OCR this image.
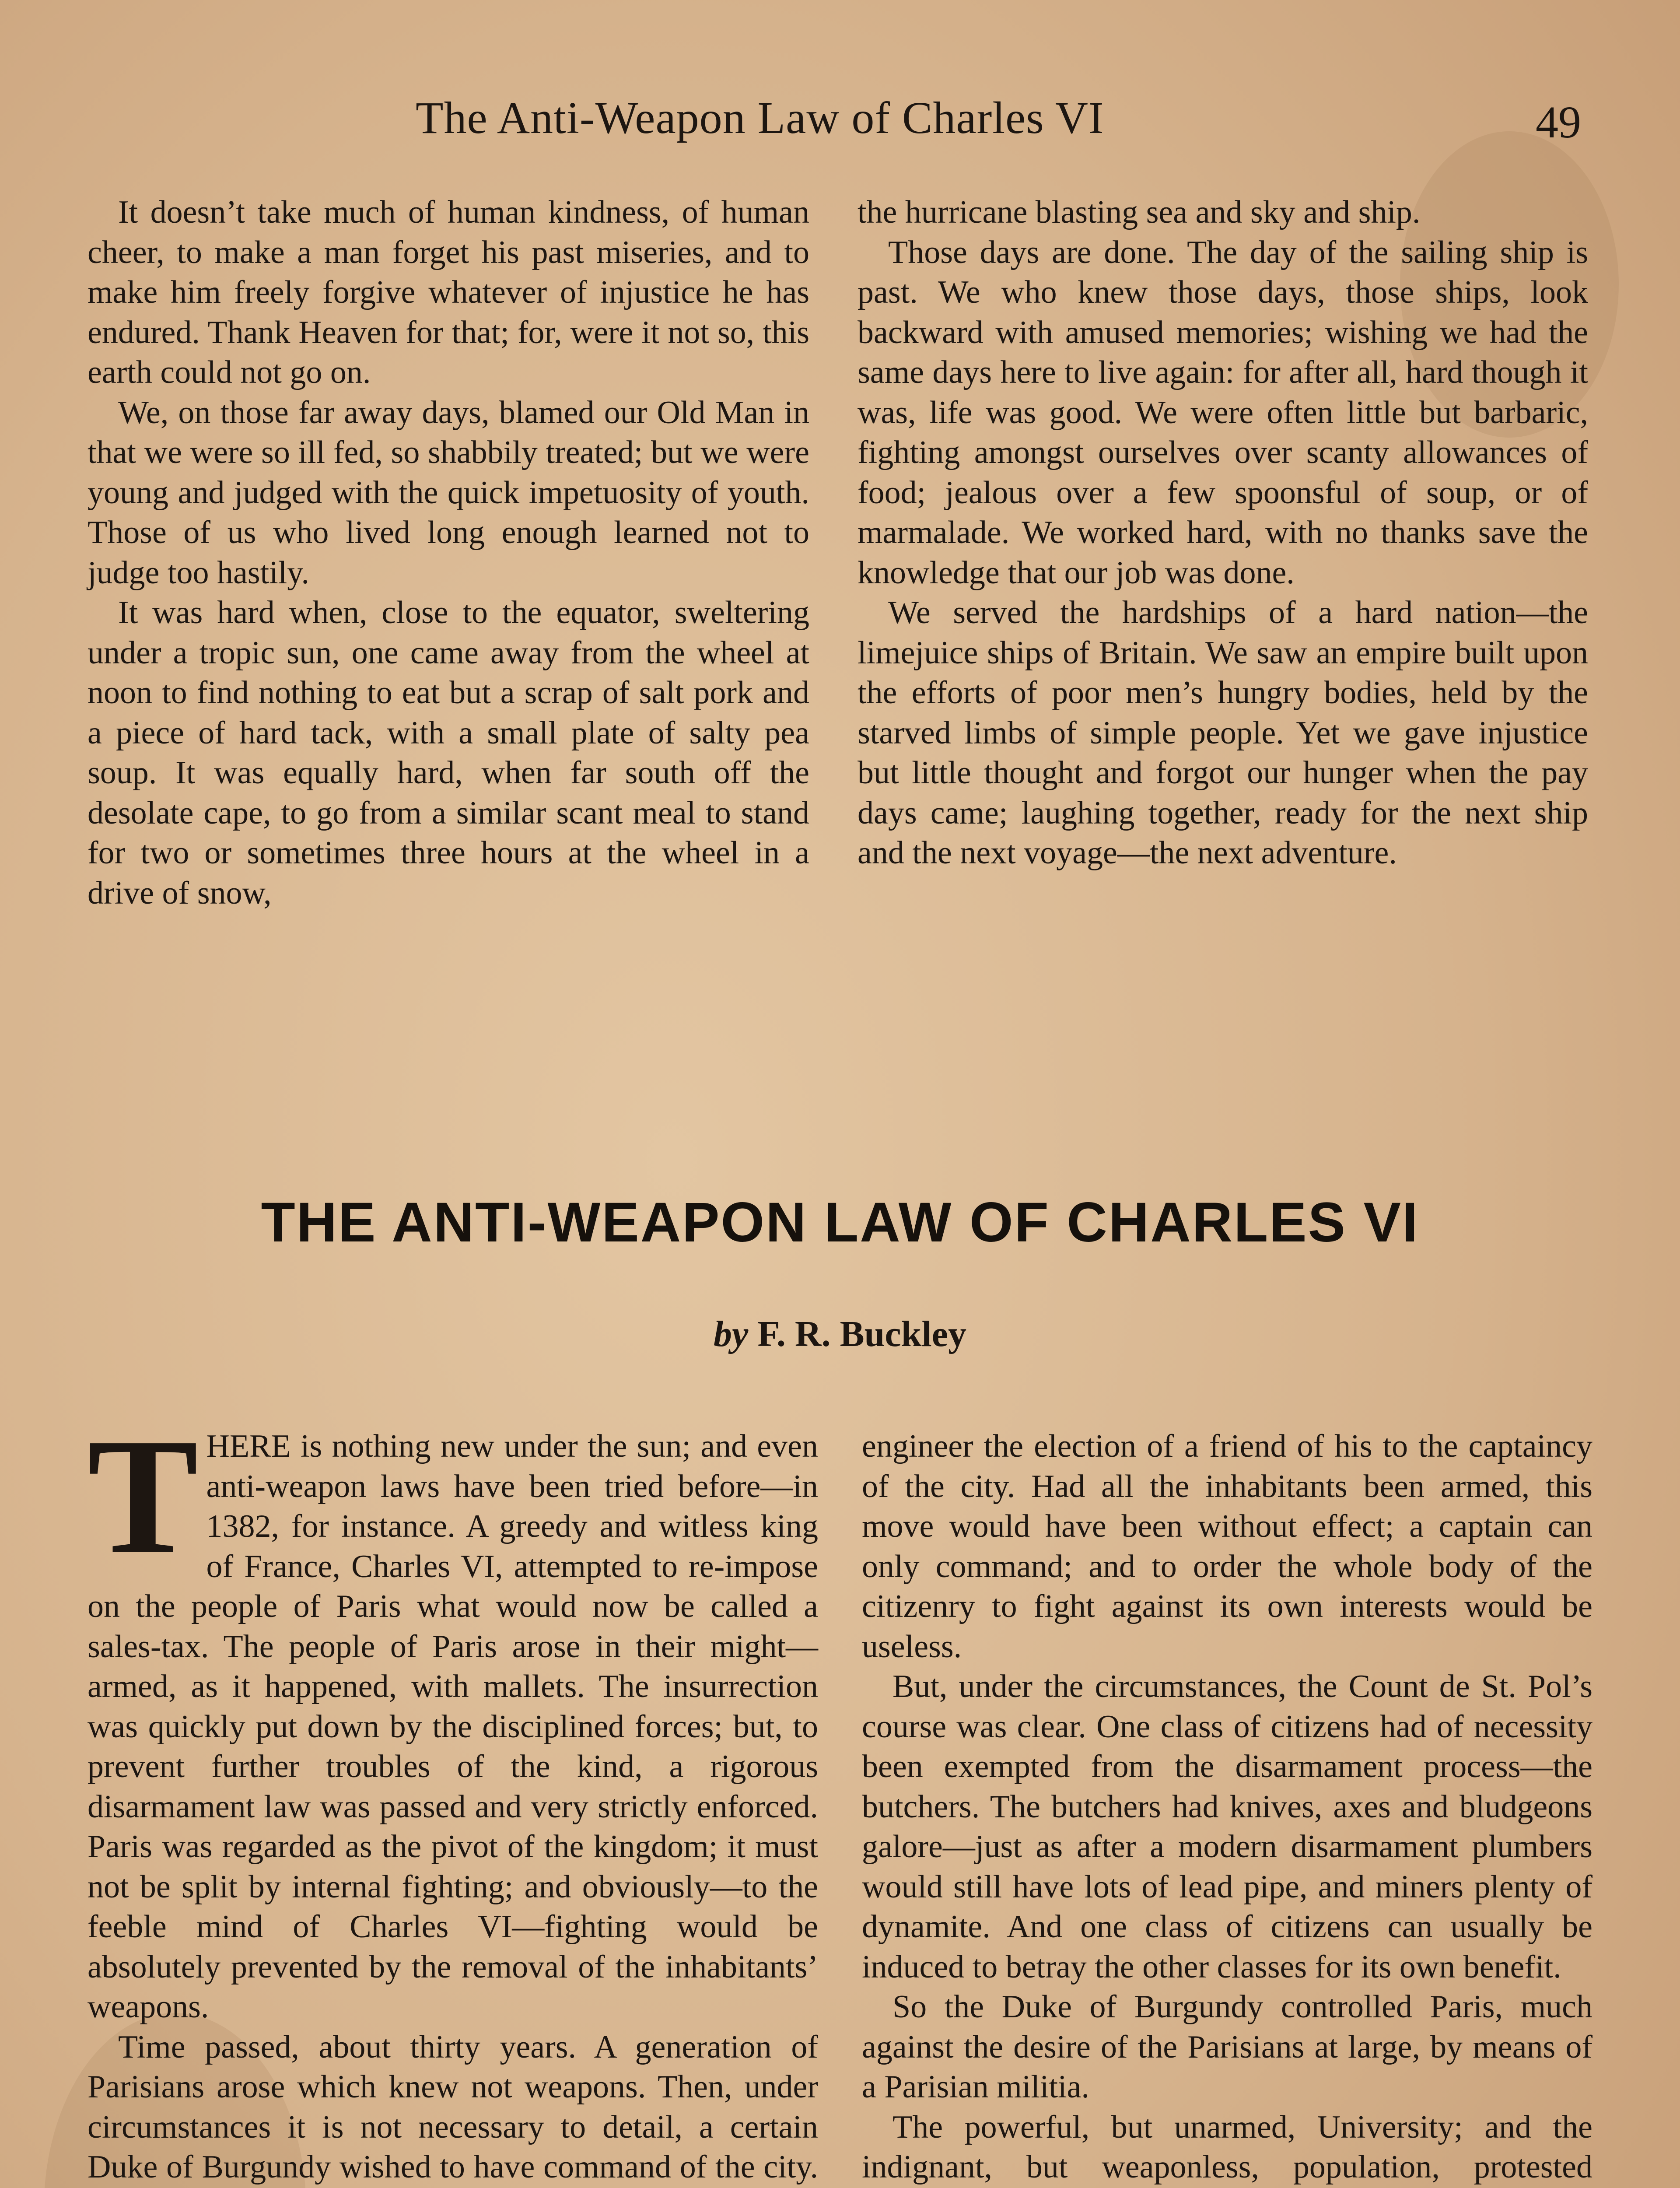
The Anti-Weapon Law of Charles VI	49

It doesn’t take much of human kindness, of human cheer, to make a man forget his past miseries, and to make him freely forgive whatever of injustice he has endured. Thank Heaven for that; for, were it not so, this earth could not go on.

We, on those far away days, blamed our Old Man in that we were so ill fed, so shabbily treated; but we were young and judged with the quick impetuosity of youth. Those of us who lived long enough learned not to judge too hastily.

It was hard when, close to the equator, sweltering under a tropic sun, one came away from the wheel at noon to find nothing to eat but a scrap of salt pork and a piece of hard tack, with a small plate of salty pea soup. It was equally hard, when far south off the desolate cape, to go from a similar scant meal to stand for two or sometimes three hours at the wheel in a drive of snow,

the hurricane blasting sea and sky and ship.

Those days are done. The day of the sailing ship is past. We who knew those days, those ships, look backward with amused memories; wishing we had the same days here to live again: for after all, hard though it was, life was good. We were often little but barbaric, fighting amongst ourselves over scanty allowances of food; jealous over a few spoonsful of soup, or of marmalade. We worked hard, with no thanks save the knowledge that our job was done.

We served the hardships of a hard nation—the limejuice ships of Britain. We saw an empire built upon the efforts of poor men’s hungry bodies, held by the starved limbs of simple people. Yet we gave injustice but little thought and forgot our hunger when the pay days came; laughing together, ready for the next ship and the next voyage—the next adventure.

THE ANTI-WEAPON LAW OF CHARLES VI
by F. R. Buckley

THERE is nothing new under the sun; and even anti-weapon laws have been tried before—in 1382, for instance. A greedy and witless king of France, Charles VI, attempted to re-impose on the people of Paris what would now be called a sales-tax. The people of Paris arose in their might—armed, as it happened, with mallets. The insurrection was quickly put down by the disciplined forces; but, to prevent further troubles of the kind, a rigorous disarmament law was passed and very strictly enforced. Paris was regarded as the pivot of the kingdom; it must not be split by internal fighting; and obviously—to the feeble mind of Charles VI—fighting would be absolutely prevented by the removal of the inhabitants’ weapons.

Time passed, about thirty years. A generation of Parisians arose which knew not weapons. Then, under circumstances it is not necessary to detail, a certain Duke of Burgundy wished to have command of the city.

engineer the election of a friend of his to the captaincy of the city. Had all the inhabitants been armed, this move would have been without effect; a captain can only command; and to order the whole body of the citizenry to fight against its own interests would be useless.

But, under the circumstances, the Count de St. Pol’s course was clear. One class of citizens had of necessity been exempted from the disarmament process—the butchers. The butchers had knives, axes and bludgeons galore—just as after a modern disarmament plumbers would still have lots of lead pipe, and miners plenty of dynamite. And one class of citizens can usually be induced to betray the other classes for its own benefit.

So the Duke of Burgundy controlled Paris, much against the desire of the Parisians at large, by means of a Parisian militia.

The powerful, but unarmed, University; and the indignant, but weaponless, population, protested
